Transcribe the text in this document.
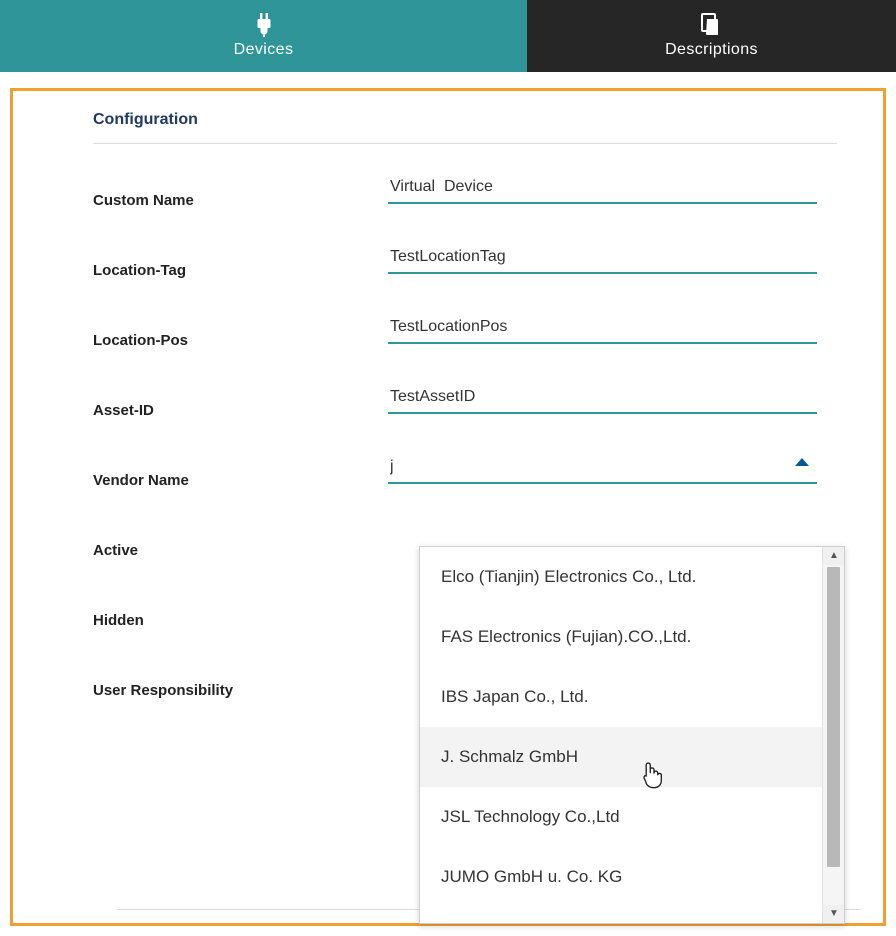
Devices	Descriptions
Configuration
Custom Name
Virtual Device
Location-Tag
TestLocationTag
Location-Pos
TestLocationPos
Asset-ID
TestAssetID
Vendor Name
j
Active
Hidden
User Responsibility
Elco (Tianjin) Electronics Co., Ltd.
FAS Electronics (Fujian).CO.,Ltd.
IBS Japan Co., Ltd.
J. Schmalz GmbH
JSL Technology Co.,Ltd
JUMO GmbH u. Co. KG
▲
▼
